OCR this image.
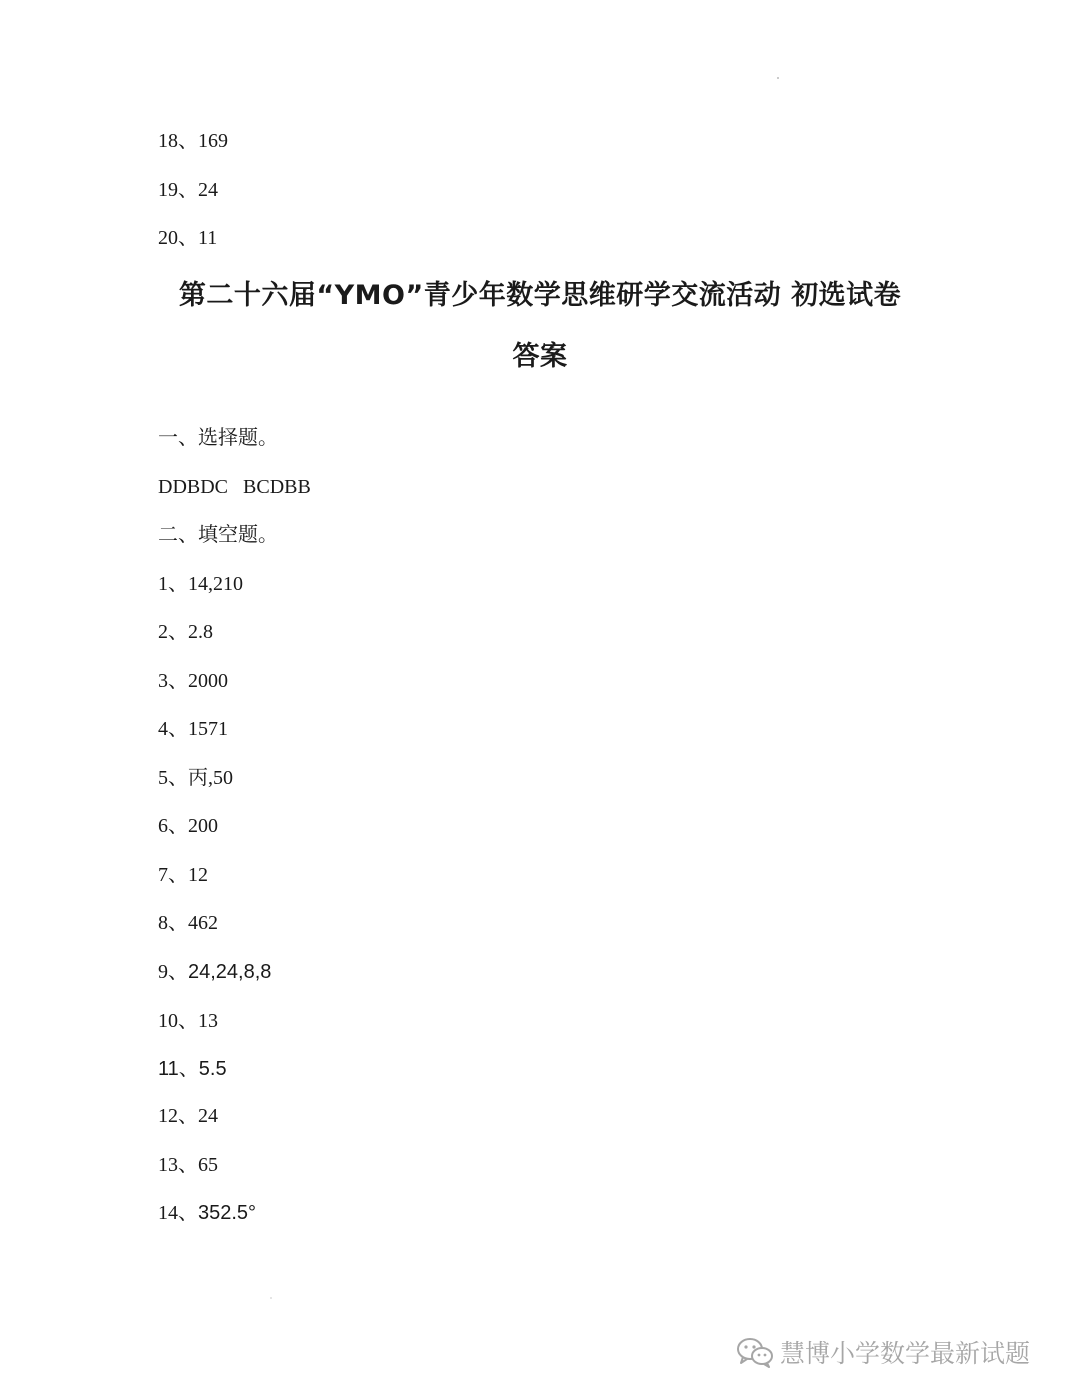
18、169
19、24
20、11
第二十六届“YMO”青少年数学思维研学交流活动 初选试卷
答案
一、选择题。
DDBDC   BCDBB
二、填空题。
1、14,210
2、2.8
3、2000
4、1571
5、丙,50
6、200
7、12
8、462
9、24,24,8,8
10、13
11、5.5
12、24
13、65
14、352.5°
慧博小学数学最新试题
